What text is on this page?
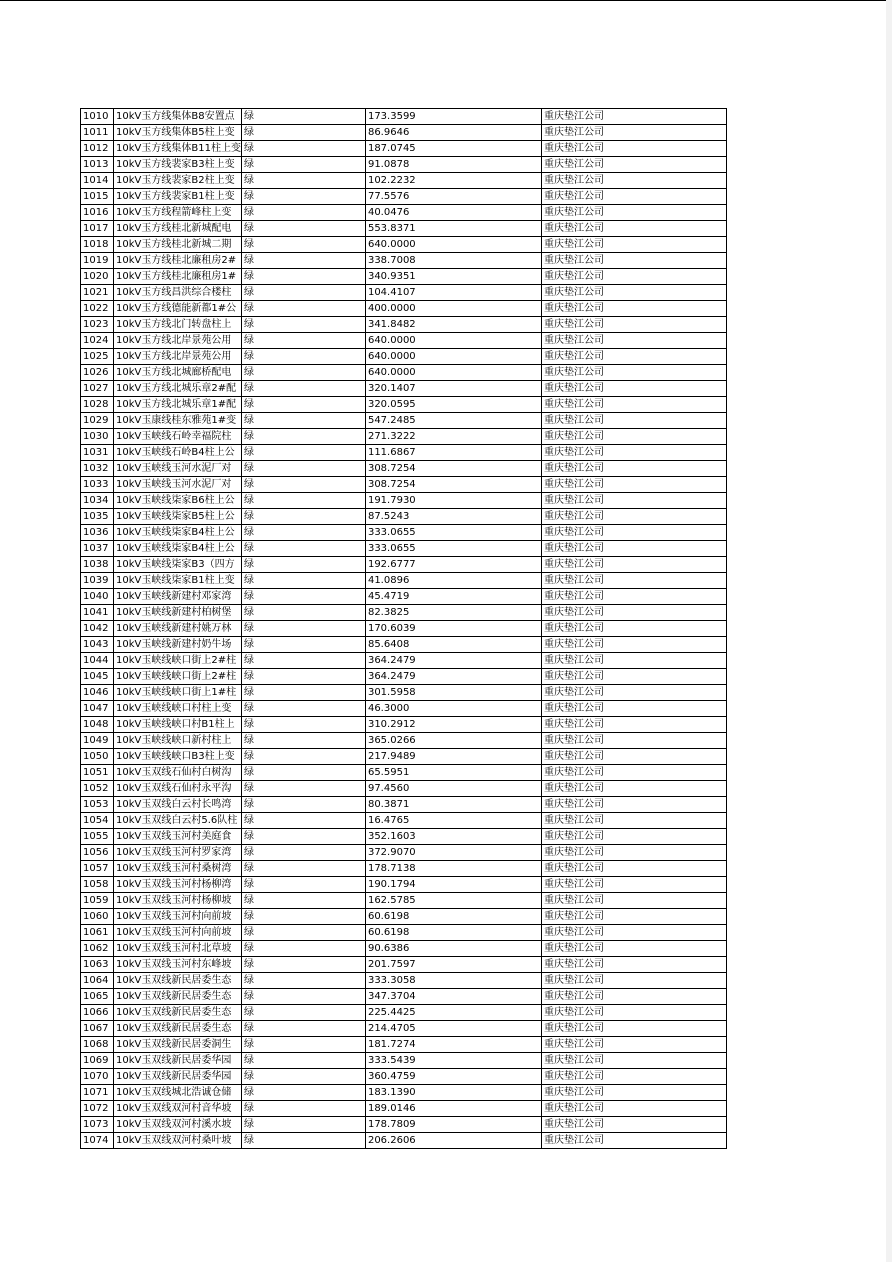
1010	10kV玉方线集体B8安置点	绿	173.3599	重庆垫江公司
1011	10kV玉方线集体B5柱上变	绿	86.9646	重庆垫江公司
1012	10kV玉方线集体B11柱上变	绿	187.0745	重庆垫江公司
1013	10kV玉方线裴家B3柱上变	绿	91.0878	重庆垫江公司
1014	10kV玉方线裴家B2柱上变	绿	102.2232	重庆垫江公司
1015	10kV玉方线裴家B1柱上变	绿	77.5576	重庆垫江公司
1016	10kV玉方线程箭峰柱上变	绿	40.0476	重庆垫江公司
1017	10kV玉方线桂北新城配电	绿	553.8371	重庆垫江公司
1018	10kV玉方线桂北新城二期	绿	640.0000	重庆垫江公司
1019	10kV玉方线桂北廉租房2#	绿	338.7008	重庆垫江公司
1020	10kV玉方线桂北廉租房1#	绿	340.9351	重庆垫江公司
1021	10kV玉方线昌洪综合楼柱	绿	104.4107	重庆垫江公司
1022	10kV玉方线德能新都1#公	绿	400.0000	重庆垫江公司
1023	10kV玉方线北门转盘柱上	绿	341.8482	重庆垫江公司
1024	10kV玉方线北岸景苑公用	绿	640.0000	重庆垫江公司
1025	10kV玉方线北岸景苑公用	绿	640.0000	重庆垫江公司
1026	10kV玉方线北城廊桥配电	绿	640.0000	重庆垫江公司
1027	10kV玉方线北城乐章2#配	绿	320.1407	重庆垫江公司
1028	10kV玉方线北城乐章1#配	绿	320.0595	重庆垫江公司
1029	10kV玉康线桂东雅苑1#变	绿	547.2485	重庆垫江公司
1030	10kV玉峡线石岭幸福院柱	绿	271.3222	重庆垫江公司
1031	10kV玉峡线石岭B4柱上公	绿	111.6867	重庆垫江公司
1032	10kV玉峡线玉河水泥厂对	绿	308.7254	重庆垫江公司
1033	10kV玉峡线玉河水泥厂对	绿	308.7254	重庆垫江公司
1034	10kV玉峡线柒家B6柱上公	绿	191.7930	重庆垫江公司
1035	10kV玉峡线柒家B5柱上公	绿	87.5243	重庆垫江公司
1036	10kV玉峡线柒家B4柱上公	绿	333.0655	重庆垫江公司
1037	10kV玉峡线柒家B4柱上公	绿	333.0655	重庆垫江公司
1038	10kV玉峡线柒家B3（四方	绿	192.6777	重庆垫江公司
1039	10kV玉峡线柒家B1柱上变	绿	41.0896	重庆垫江公司
1040	10kV玉峡线新建村邓家湾	绿	45.4719	重庆垫江公司
1041	10kV玉峡线新建村柏树堡	绿	82.3825	重庆垫江公司
1042	10kV玉峡线新建村姚万林	绿	170.6039	重庆垫江公司
1043	10kV玉峡线新建村奶牛场	绿	85.6408	重庆垫江公司
1044	10kV玉峡线峡口街上2#柱	绿	364.2479	重庆垫江公司
1045	10kV玉峡线峡口街上2#柱	绿	364.2479	重庆垫江公司
1046	10kV玉峡线峡口街上1#柱	绿	301.5958	重庆垫江公司
1047	10kV玉峡线峡口村柱上变	绿	46.3000	重庆垫江公司
1048	10kV玉峡线峡口村B1柱上	绿	310.2912	重庆垫江公司
1049	10kV玉峡线峡口新村柱上	绿	365.0266	重庆垫江公司
1050	10kV玉峡线峡口B3柱上变	绿	217.9489	重庆垫江公司
1051	10kV玉双线石仙村白树沟	绿	65.5951	重庆垫江公司
1052	10kV玉双线石仙村永平沟	绿	97.4560	重庆垫江公司
1053	10kV玉双线白云村长鸣湾	绿	80.3871	重庆垫江公司
1054	10kV玉双线白云村5.6队柱	绿	16.4765	重庆垫江公司
1055	10kV玉双线玉河村美庭食	绿	352.1603	重庆垫江公司
1056	10kV玉双线玉河村罗家湾	绿	372.9070	重庆垫江公司
1057	10kV玉双线玉河村桑树湾	绿	178.7138	重庆垫江公司
1058	10kV玉双线玉河村杨柳湾	绿	190.1794	重庆垫江公司
1059	10kV玉双线玉河村杨柳坡	绿	162.5785	重庆垫江公司
1060	10kV玉双线玉河村向前坡	绿	60.6198	重庆垫江公司
1061	10kV玉双线玉河村向前坡	绿	60.6198	重庆垫江公司
1062	10kV玉双线玉河村北草坡	绿	90.6386	重庆垫江公司
1063	10kV玉双线玉河村东峰坡	绿	201.7597	重庆垫江公司
1064	10kV玉双线新民居委生态	绿	333.3058	重庆垫江公司
1065	10kV玉双线新民居委生态	绿	347.3704	重庆垫江公司
1066	10kV玉双线新民居委生态	绿	225.4425	重庆垫江公司
1067	10kV玉双线新民居委生态	绿	214.4705	重庆垫江公司
1068	10kV玉双线新民居委洞生	绿	181.7274	重庆垫江公司
1069	10kV玉双线新民居委华园	绿	333.5439	重庆垫江公司
1070	10kV玉双线新民居委华园	绿	360.4759	重庆垫江公司
1071	10kV玉双线城北浩诚仓储	绿	183.1390	重庆垫江公司
1072	10kV玉双线双河村音华坡	绿	189.0146	重庆垫江公司
1073	10kV玉双线双河村溪水坡	绿	178.7809	重庆垫江公司
1074	10kV玉双线双河村桑叶坡	绿	206.2606	重庆垫江公司
